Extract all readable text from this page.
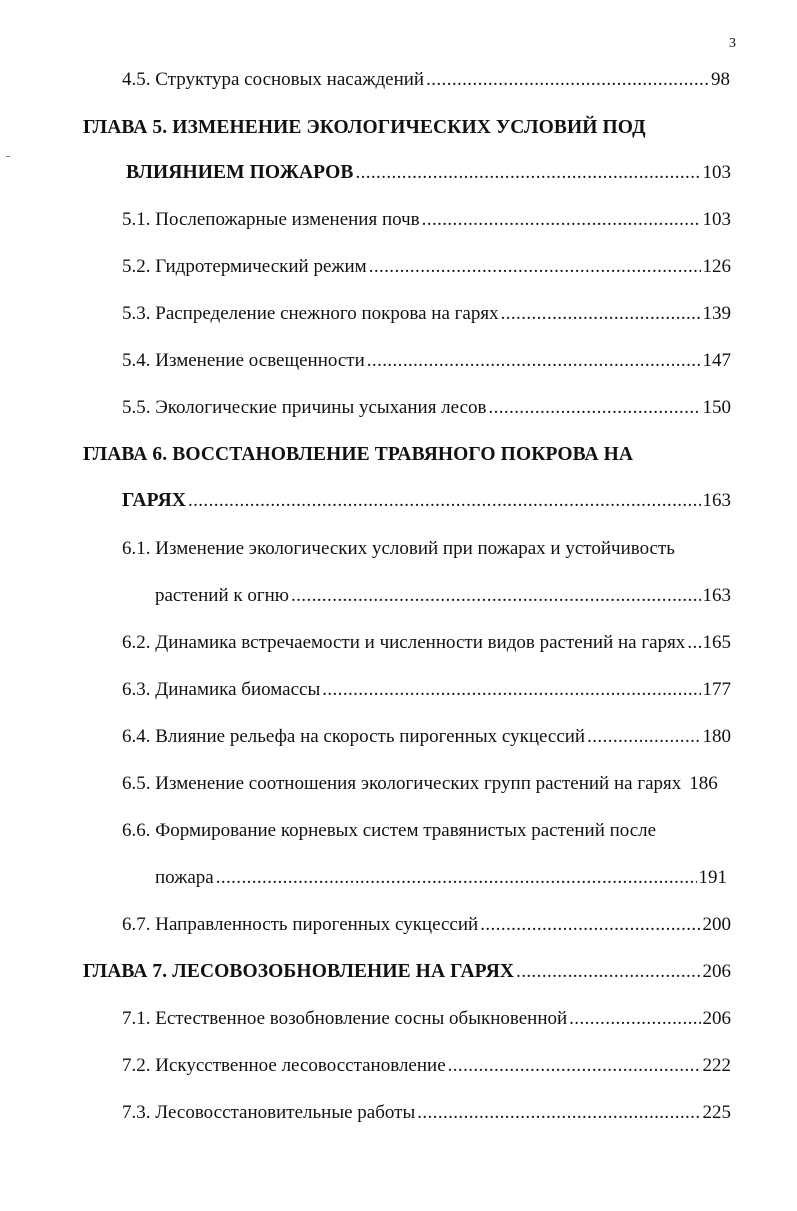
3
4.5. Структура сосновых насаждений .....	98
ГЛАВА 5. ИЗМЕНЕНИЕ ЭКОЛОГИЧЕСКИХ УСЛОВИЙ ПОД
ВЛИЯНИЕМ ПОЖАРОВ .....	103
5.1. Послепожарные изменения почв .....	103
5.2. Гидротермический режим .....	126
5.3. Распределение снежного покрова на гарях .....	139
5.4. Изменение освещенности .....	147
5.5. Экологические причины усыхания лесов .....	150
ГЛАВА 6. ВОССТАНОВЛЕНИЕ ТРАВЯНОГО ПОКРОВА НА
ГАРЯХ .....	163
6.1. Изменение экологических условий при пожарах и устойчивость
растений к огню .....	163
6.2. Динамика встречаемости и численности видов растений на гарях ..... 165
6.3. Динамика биомассы .....	177
6.4. Влияние рельефа на скорость пирогенных сукцессий .....	180
6.5. Изменение соотношения экологических групп растений на гарях 186
6.6. Формирование корневых систем травянистых растений после
пожара .....	191
6.7. Направленность пирогенных сукцессий .....	200
ГЛАВА 7. ЛЕСОВОЗОБНОВЛЕНИЕ НА ГАРЯХ .....	206
7.1. Естественное возобновление сосны обыкновенной .....	206
7.2. Искусственное лесовосстановление .....	222
7.3. Лесовосстановительные работы .....	225
